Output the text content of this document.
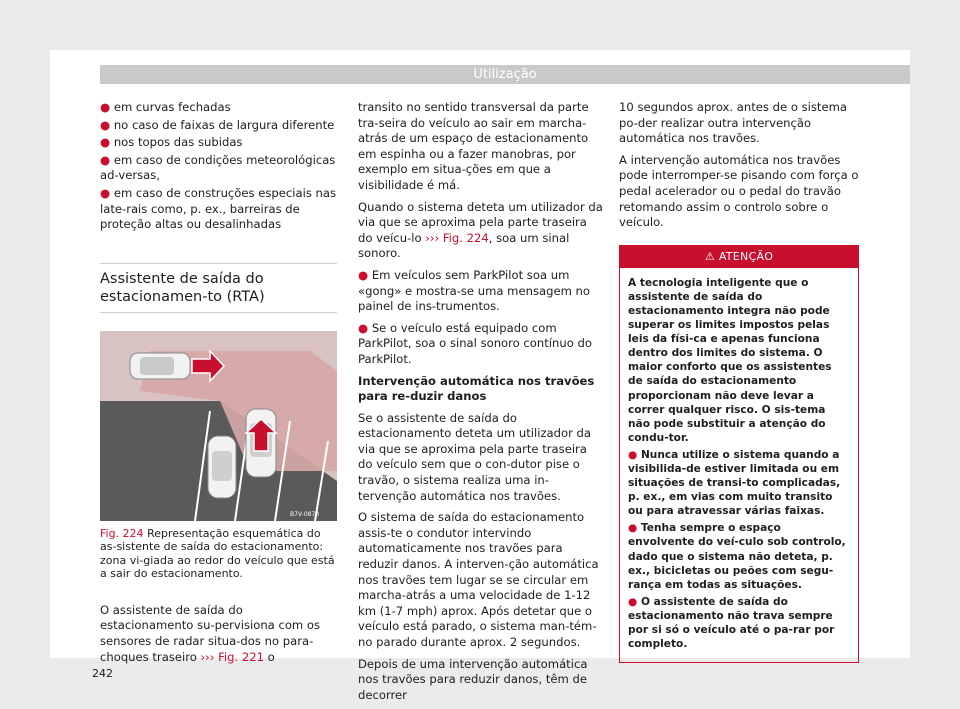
Utilização
● em curvas fechadas
● no caso de faixas de largura diferente
● nos topos das subidas
● em caso de condições meteorológicas ad-versas,
● em caso de construções especiais nas late-rais como, p. ex., barreiras de proteção altas ou desalinhadas
Assistente de saída do estacionamen-to (RTA)
B7V-0873
Fig. 224 Representação esquemática do as-sistente de saída do estacionamento: zona vi-giada ao redor do veículo que está a sair do estacionamento.

O assistente de saída do estacionamento su-pervisiona com os sensores de radar situa-dos no para-choques traseiro ››› Fig. 221 o

transito no sentido transversal da parte tra-seira do veículo ao sair em marcha-atrás de um espaço de estacionamento em espinha ou a fazer manobras, por exemplo em situa-ções em que a visibilidade é má.

Quando o sistema deteta um utilizador da via que se aproxima pela parte traseira do veícu-lo ››› Fig. 224, soa um sinal sonoro.

● Em veículos sem ParkPilot soa um «gong» e mostra-se uma mensagem no painel de ins-trumentos.

● Se o veículo está equipado com ParkPilot, soa o sinal sonoro contínuo do ParkPilot.

Intervenção automática nos travões para re-duzir danos

Se o assistente de saída do estacionamento deteta um utilizador da via que se aproxima pela parte traseira do veículo sem que o con-dutor pise o travão, o sistema realiza uma in-tervenção automática nos travões.

O sistema de saída do estacionamento assis-te o condutor intervindo automaticamente nos travões para reduzir danos. A interven-ção automática nos travões tem lugar se se circular em marcha-atrás a uma velocidade de 1-12 km (1-7 mph) aprox. Após detetar que o veículo está parado, o sistema man-tém-no parado durante aprox. 2 segundos.

Depois de uma intervenção automática nos travões para reduzir danos, têm de decorrer

10 segundos aprox. antes de o sistema po-der realizar outra intervenção automática nos travões.

A intervenção automática nos travões pode interromper-se pisando com força o pedal acelerador ou o pedal do travão retomando assim o controlo sobre o veículo.

⚠ ATENÇÃO

A tecnologia inteligente que o assistente de saída do estacionamento integra não pode superar os limites impostos pelas leis da físi-ca e apenas funciona dentro dos limites do sistema. O maior conforto que os assistentes de saída do estacionamento proporcionam não deve levar a correr qualquer risco. O sis-tema não pode substituir a atenção do condu-tor.

● Nunca utilize o sistema quando a visibilida-de estiver limitada ou em situações de transi-to complicadas, p. ex., em vias com muito transito ou para atravessar várias faixas.

● Tenha sempre o espaço envolvente do veí-culo sob controlo, dado que o sistema não deteta, p. ex., bicicletas ou peões com segu-rança em todas as situações.

● O assistente de saída do estacionamento não trava sempre por si só o veículo até o pa-rar por completo.

242
